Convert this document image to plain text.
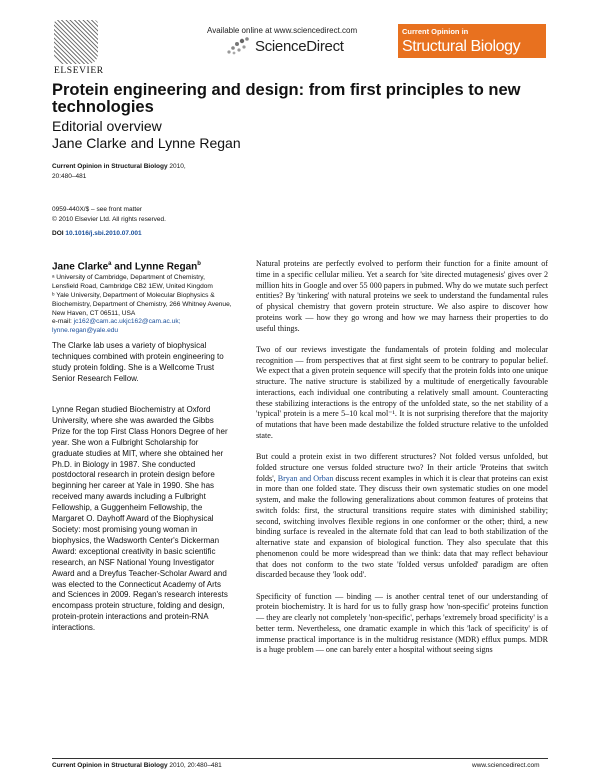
ELSEVIER
Available online at www.sciencedirect.com
ScienceDirect
Current Opinion in
Structural Biology
Protein engineering and design: from first principles to new technologies
Editorial overview
Jane Clarke and Lynne Regan
Current Opinion in Structural Biology 2010, 20:480–481
0959-440X/$ – see front matter
© 2010 Elsevier Ltd. All rights reserved.
DOI 10.1016/j.sbi.2010.07.001
Jane Clarke$^a$ and Lynne Regan$^b$

ᵃ University of Cambridge, Department of Chemistry, Lensfield Road, Cambridge CB2 1EW, United Kingdom

ᵇ Yale University, Department of Molecular Biophysics & Biochemistry, Department of Chemistry, 266 Whitney Avenue, New Haven, CT 06511, USA

e-mail: jc162@cam.ac.ukjc162@cam.ac.uk; lynne.regan@yale.edu

The Clarke lab uses a variety of biophysical techniques combined with protein engineering to study protein folding. She is a Wellcome Trust Senior Research Fellow.

Lynne Regan studied Biochemistry at Oxford University, where she was awarded the Gibbs Prize for the top First Class Honors Degree of her year. She won a Fulbright Scholarship for graduate studies at MIT, where she obtained her Ph.D. in Biology in 1987. She conducted postdoctoral research in protein design before beginning her career at Yale in 1990. She has received many awards including a Fulbright Fellowship, a Guggenheim Fellowship, the Margaret O. Dayhoff Award of the Biophysical Society: most promising young woman in biophysics, the Wadsworth Center's Dickerman Award: exceptional creativity in basic scientific research, an NSF National Young Investigator Award and a Dreyfus Teacher-Scholar Award and was elected to the Connecticut Academy of Arts and Sciences in 2009. Regan's research interests encompass protein structure, folding and design, protein-protein interactions and protein-RNA interactions.

Natural proteins are perfectly evolved to perform their function for a finite amount of time in a specific cellular milieu. Yet a search for 'site directed mutagenesis' gives over 2 million hits in Google and over 55 000 papers in pubmed. Why do we mutate such perfect entities? By 'tinkering' with natural proteins we seek to understand the fundamental rules of physical chemistry that govern protein structure. We also aspire to discover how proteins work — how they go wrong and how we may harness their properties to do useful things.

Two of our reviews investigate the fundamentals of protein folding and molecular recognition — from perspectives that at first sight seem to be contrary to popular belief. We expect that a given protein sequence will specify that the protein folds into one unique structure. The native structure is stabilized by a multitude of energetically favourable interactions, each individual one contributing a relatively small amount. Counteracting these stabilizing interactions is the entropy of the unfolded state, so the net stability of a 'typical' protein is a mere 5–10 kcal mol⁻¹. It is not surprising therefore that the majority of mutations that have been made destabilize the folded structure relative to the unfolded state.

But could a protein exist in two different structures? Not folded versus unfolded, but folded structure one versus folded structure two? In their article 'Proteins that switch folds', Bryan and Orban discuss recent examples in which it is clear that proteins can exist in more than one folded state. They discuss their own systematic studies on one model system, and make the following generalizations about common features of proteins that switch folds: first, the structural transitions require states with diminished stability; second, switching involves flexible regions in one conformer or the other; third, a new binding surface is revealed in the alternate fold that can lead to both stabilization of the alternative state and expansion of biological function. They also speculate that this phenomenon could be more widespread than we think: data that may reflect behaviour that does not conform to the two state 'folded versus unfolded' paradigm are often discarded because they 'look odd'.

Specificity of function — binding — is another central tenet of our understanding of protein biochemistry. It is hard for us to fully grasp how 'non-specific' proteins function — they are clearly not completely 'non-specific', perhaps 'extremely broad specificity' is a better term. Nevertheless, one dramatic example in which this 'lack of specificity' is of immense practical importance is in the multidrug resistance (MDR) efflux pumps. MDR is a huge problem — one can barely enter a hospital without seeing signs

Current Opinion in Structural Biology 2010, 20:480–481	www.sciencedirect.com
